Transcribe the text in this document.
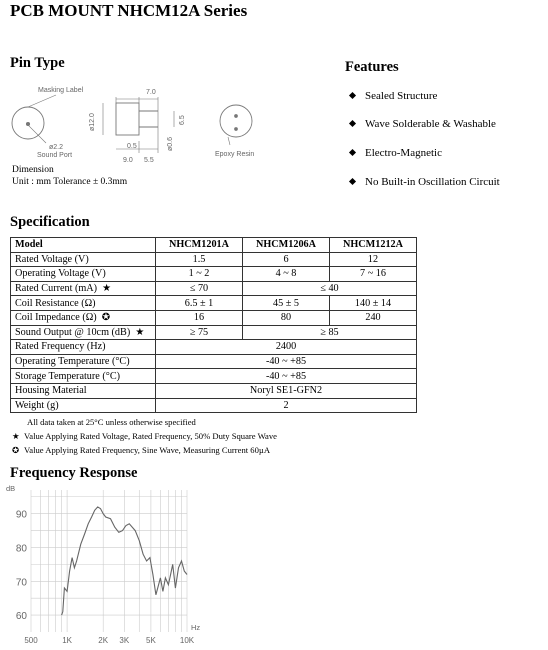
PCB MOUNT NHCM12A Series
Pin Type
Masking Label	7.0
ø12.0	6.5
ø0.6
ø2.2
Sound Port
0.5
9.0 5.5
Epoxy Resin
Dimension
Unit : mm Tolerance ± 0.3mm
Features
Sealed Structure
Wave Solderable & Washable
Electro-Magnetic
No Built-in Oscillation Circuit
Specification
Model	NHCM1201A	NHCM1206A	NHCM1212A
Rated Voltage (V)	1.5	6	12
Operating Voltage (V)	1 ~ 2	4 ~ 8	7 ~ 16
Rated Current (mA) ★	≤ 70	≤ 40	
Coil Resistance (Ω)	6.5 ± 1	45 ± 5	140 ± 14
Coil Impedance (Ω) ✪	16	80	240
Sound Output @ 10cm (dB) ★	≥ 75	≥ 85	
Rated Frequency (Hz)	2400		
Operating Temperature (°C)	-40 ~ +85		
Storage Temperature (°C)	-40 ~ +85		
Housing Material	Noryl SE1-GFN2		
Weight (g)	2		
All data taken at 25°C unless otherwise specified
★ Value Applying Rated Voltage, Rated Frequency, 50% Duty Square Wave
✪ Value Applying Rated Frequency, Sine Wave, Measuring Current 60µA
Frequency Response
60
70
80
90
500	1K	2K 3K 5K	10K
dB
Hz
